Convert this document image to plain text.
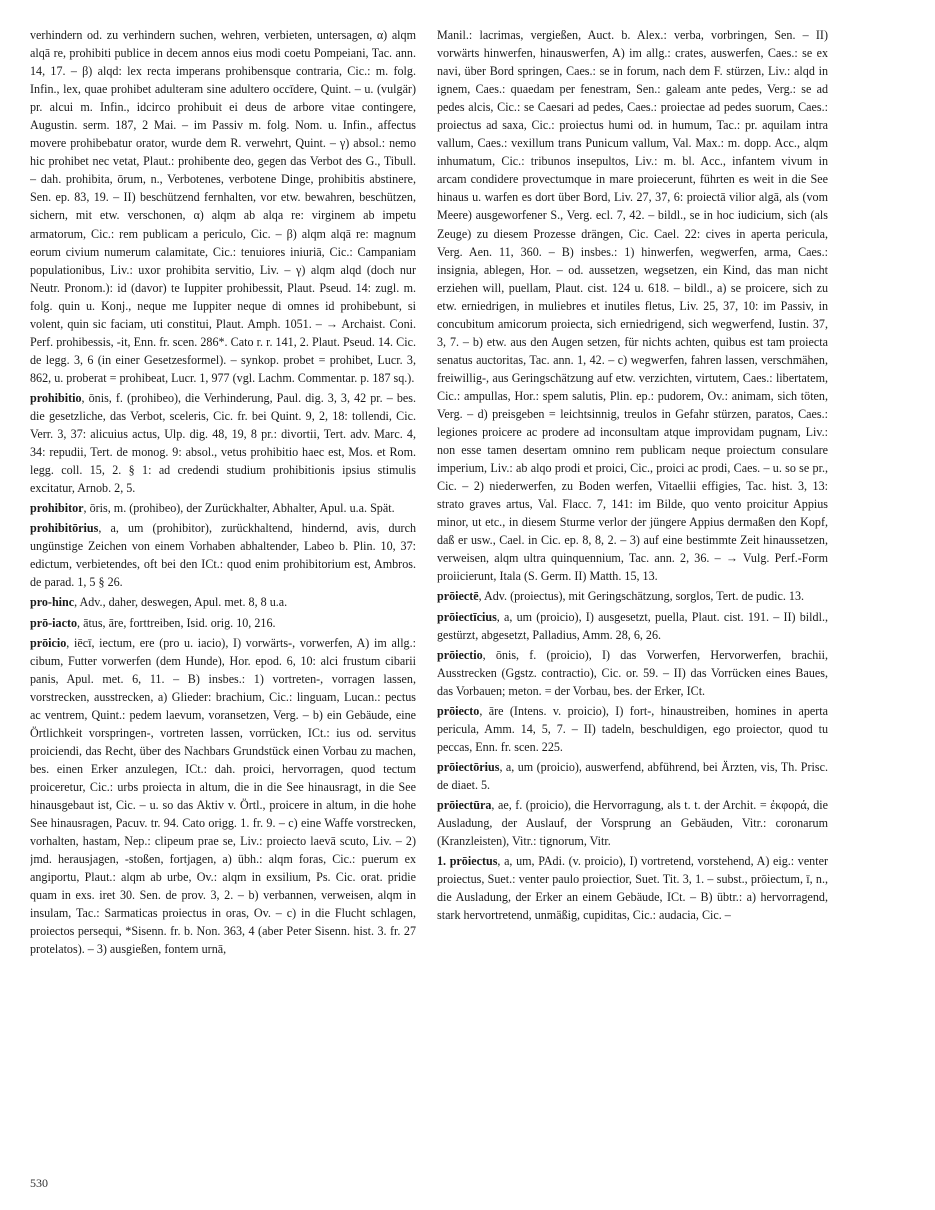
verhindern od. zu verhindern suchen, wehren, verbieten, untersagen, α) alqm alqā re, prohibiti publice in decem annos eius modi coetu Pompeiani, Tac. ann. 14, 17. – β) alqd: lex recta imperans prohibensque contraria, Cic.: m. folg. Infin., lex, quae prohibet adulteram sine adultero occīdere, Quint. – u. (vulgär) pr. alcui m. Infin., idcirco prohibuit ei deus de arbore vitae contingere, Augustin. serm. 187, 2 Mai. – im Passiv m. folg. Nom. u. Infin., affectus movere prohibebatur orator, wurde dem R. verwehrt, Quint. – γ) absol.: nemo hic prohibet nec vetat, Plaut.: prohibente deo, gegen das Verbot des G., Tibull. – dah. prohibita, ōrum, n., Verbotenes, verbotene Dinge, prohibitis abstinere, Sen. ep. 83, 19. – II) beschützend fernhalten, vor etw. bewahren, beschützen, sichern, mit etw. verschonen, α) alqm ab alqa re: virginem ab impetu armatorum, Cic.: rem publicam a periculo, Cic. – β) alqm alqā re: magnum eorum civium numerum calamitate, Cic.: tenuiores iniuriā, Cic.: Campaniam populationibus, Liv.: uxor prohibita servitio, Liv. – γ) alqm alqd (doch nur Neutr. Pronom.): id (davor) te Iuppiter prohibessit, Plaut. Pseud. 14: zugl. m. folg. quin u. Konj., neque me Iuppiter neque di omnes id prohibebunt, si volent, quin sic faciam, uti constitui, Plaut. Amph. 1051. – → Archaist. Coni. Perf. prohibessis, -it, Enn. fr. scen. 286*. Cato r. r. 141, 2. Plaut. Pseud. 14. Cic. de legg. 3, 6 (in einer Gesetzesformel). – synkop. probet = prohibet, Lucr. 3, 862, u. proberat = prohibeat, Lucr. 1, 977 (vgl. Lachm. Commentar. p. 187 sq.).

prohibitio, ōnis, f. (prohibeo), die Verhinderung, Paul. dig. 3, 3, 42 pr. – bes. die gesetzliche, das Verbot, sceleris, Cic. fr. bei Quint. 9, 2, 18: tollendi, Cic. Verr. 3, 37: alicuius actus, Ulp. dig. 48, 19, 8 pr.: divortii, Tert. adv. Marc. 4, 34: repudii, Tert. de monog. 9: absol., vetus prohibitio haec est, Mos. et Rom. legg. coll. 15, 2. § 1: ad credendi studium prohibitionis ipsius stimulis excitatur, Arnob. 2, 5.

prohibitor, ōris, m. (prohibeo), der Zurückhalter, Abhalter, Apul. u.a. Spät.

prohibitōrius, a, um (prohibitor), zurückhaltend, hindernd, avis, durch ungünstige Zeichen von einem Vorhaben abhaltender, Labeo b. Plin. 10, 37: edictum, verbietendes, oft bei den ICt.: quod enim prohibitorium est, Ambros. de parad. 1, 5 § 26.

pro-hinc, Adv., daher, deswegen, Apul. met. 8, 8 u.a.

prō-iacto, ātus, āre, forttreiben, Isid. orig. 10, 216.

prōicio, iēcī, iectum, ere (pro u. iacio), I) vorwärts-, vorwerfen, A) im allg.: cibum, Futter vorwerfen (dem Hunde), Hor. epod. 6, 10: alci frustum cibarii panis, Apul. met. 6, 11. – B) insbes.: 1) vortreten-, vorragen lassen, vorstrecken, ausstrecken, a) Glieder: brachium, Cic.: linguam, Lucan.: pectus ac ventrem, Quint.: pedem laevum, voransetzen, Verg. – b) ein Gebäude, eine Örtlichkeit vorspringen-, vortreten lassen, vorrücken, ICt.: ius od. servitus proiciendi, das Recht, über des Nachbars Grundstück einen Vorbau zu machen, bes. einen Erker anzulegen, ICt.: dah. proici, hervorragen, quod tectum proiceretur, Cic.: urbs proiecta in altum, die in die See hinausragt, in die See hinausgebaut ist, Cic. – u. so das Aktiv v. Örtl., proicere in altum, in die hohe See hinausragen, Pacuv. tr. 94. Cato origg. 1. fr. 9. – c) eine Waffe vorstrecken, vorhalten, hastam, Nep.: clipeum prae se, Liv.: proiecto laevā scuto, Liv. – 2) jmd. herausjagen, -stoßen, fortjagen, a) übh.: alqm foras, Cic.: puerum ex angiportu, Plaut.: alqm ab urbe, Ov.: alqm in exsilium, Ps. Cic. orat. pridie quam in exs. iret 30. Sen. de prov. 3, 2. – b) verbannen, verweisen, alqm in insulam, Tac.: Sarmaticas proiectus in oras, Ov. – c) in die Flucht schlagen, proiectos persequi, *Sisenn. fr. b. Non. 363, 4 (aber Peter Sisenn. hist. 3. fr. 27 protelatos). – 3) ausgießen, fontem urnā,

Manil.: lacrimas, vergießen, Auct. b. Alex.: verba, vorbringen, Sen. – II) vorwärts hinwerfen, hinauswerfen, A) im allg.: crates, auswerfen, Caes.: se ex navi, über Bord springen, Caes.: se in forum, nach dem F. stürzen, Liv.: alqd in ignem, Caes.: quaedam per fenestram, Sen.: galeam ante pedes, Verg.: se ad pedes alcis, Cic.: se Caesari ad pedes, Caes.: proiectae ad pedes suorum, Caes.: proiectus ad saxa, Cic.: proiectus humi od. in humum, Tac.: pr. aquilam intra vallum, Caes.: vexillum trans Punicum vallum, Val. Max.: m. dopp. Acc., alqm inhumatum, Cic.: tribunos insepultos, Liv.: m. bl. Acc., infantem vivum in arcam condidere provectumque in mare proiecerunt, führten es weit in die See hinaus u. warfen es dort über Bord, Liv. 27, 37, 6: proiectā vilior algā, als (vom Meere) ausgeworfener S., Verg. ecl. 7, 42. – bildl., se in hoc iudicium, sich (als Zeuge) zu diesem Prozesse drängen, Cic. Cael. 22: cives in aperta pericula, Verg. Aen. 11, 360. – B) insbes.: 1) hinwerfen, wegwerfen, arma, Caes.: insignia, ablegen, Hor. – od. aussetzen, wegsetzen, ein Kind, das man nicht erziehen will, puellam, Plaut. cist. 124 u. 618. – bildl., a) se proicere, sich zu etw. erniedrigen, in muliebres et inutiles fletus, Liv. 25, 37, 10: im Passiv, in concubitum amicorum proiecta, sich erniedrigend, sich wegwerfend, Iustin. 37, 3, 7. – b) etw. aus den Augen setzen, für nichts achten, quibus est tam proiecta senatus auctoritas, Tac. ann. 1, 42. – c) wegwerfen, fahren lassen, verschmähen, freiwillig-, aus Geringschätzung auf etw. verzichten, virtutem, Caes.: libertatem, Cic.: ampullas, Hor.: spem salutis, Plin. ep.: pudorem, Ov.: animam, sich töten, Verg. – d) preisgeben = leichtsinnig, treulos in Gefahr stürzen, paratos, Caes.: legiones proicere ac prodere ad inconsultam atque improvidam pugnam, Liv.: non esse tamen desertam omnino rem publicam neque proiectum consulare imperium, Liv.: ab alqo prodi et proici, Cic., proici ac prodi, Caes. – u. so se pr., Cic. – 2) niederwerfen, zu Boden werfen, Vitaellii effigies, Tac. hist. 3, 13: strato graves artus, Val. Flacc. 7, 141: im Bilde, quo vento proicitur Appius minor, ut etc., in diesem Sturme verlor der jüngere Appius dermaßen den Kopf, daß er usw., Cael. in Cic. ep. 8, 8, 2. – 3) auf eine bestimmte Zeit hinaussetzen, verweisen, alqm ultra quinquennium, Tac. ann. 2, 36. – → Vulg. Perf.-Form proiicierunt, Itala (S. Germ. II) Matth. 15, 13.

prōiectē, Adv. (proiectus), mit Geringschätzung, sorglos, Tert. de pudic. 13.

prōiectīcius, a, um (proicio), I) ausgesetzt, puella, Plaut. cist. 191. – II) bildl., gestürzt, abgesetzt, Palladius, Amm. 28, 6, 26.

prōiectio, ōnis, f. (proicio), I) das Vorwerfen, Hervorwerfen, brachii, Ausstrecken (Ggstz. contractio), Cic. or. 59. – II) das Vorrücken eines Baues, das Vorbauen; meton. = der Vorbau, bes. der Erker, ICt.

prōiecto, āre (Intens. v. proicio), I) fort-, hinaustreiben, homines in aperta pericula, Amm. 14, 5, 7. – II) tadeln, beschuldigen, ego proiector, quod tu peccas, Enn. fr. scen. 225.

prōiectōrius, a, um (proicio), auswerfend, abführend, bei Ärzten, vis, Th. Prisc. de diaet. 5.

prōiectūra, ae, f. (proicio), die Hervorragung, als t. t. der Archit. = ἐκφορά, die Ausladung, der Auslauf, der Vorsprung an Gebäuden, Vitr.: coronarum (Kranzleisten), Vitr.: tignorum, Vitr.

1. prōiectus, a, um, PAdi. (v. proicio), I) vortretend, vorstehend, A) eig.: venter proiectus, Suet.: venter paulo proiectior, Suet. Tit. 3, 1. – subst., prōiectum, ī, n., die Ausladung, der Erker an einem Gebäude, ICt. – B) übtr.: a) hervorragend, stark hervortretend, unmäßig, cupiditas, Cic.: audacia, Cic. –

530
